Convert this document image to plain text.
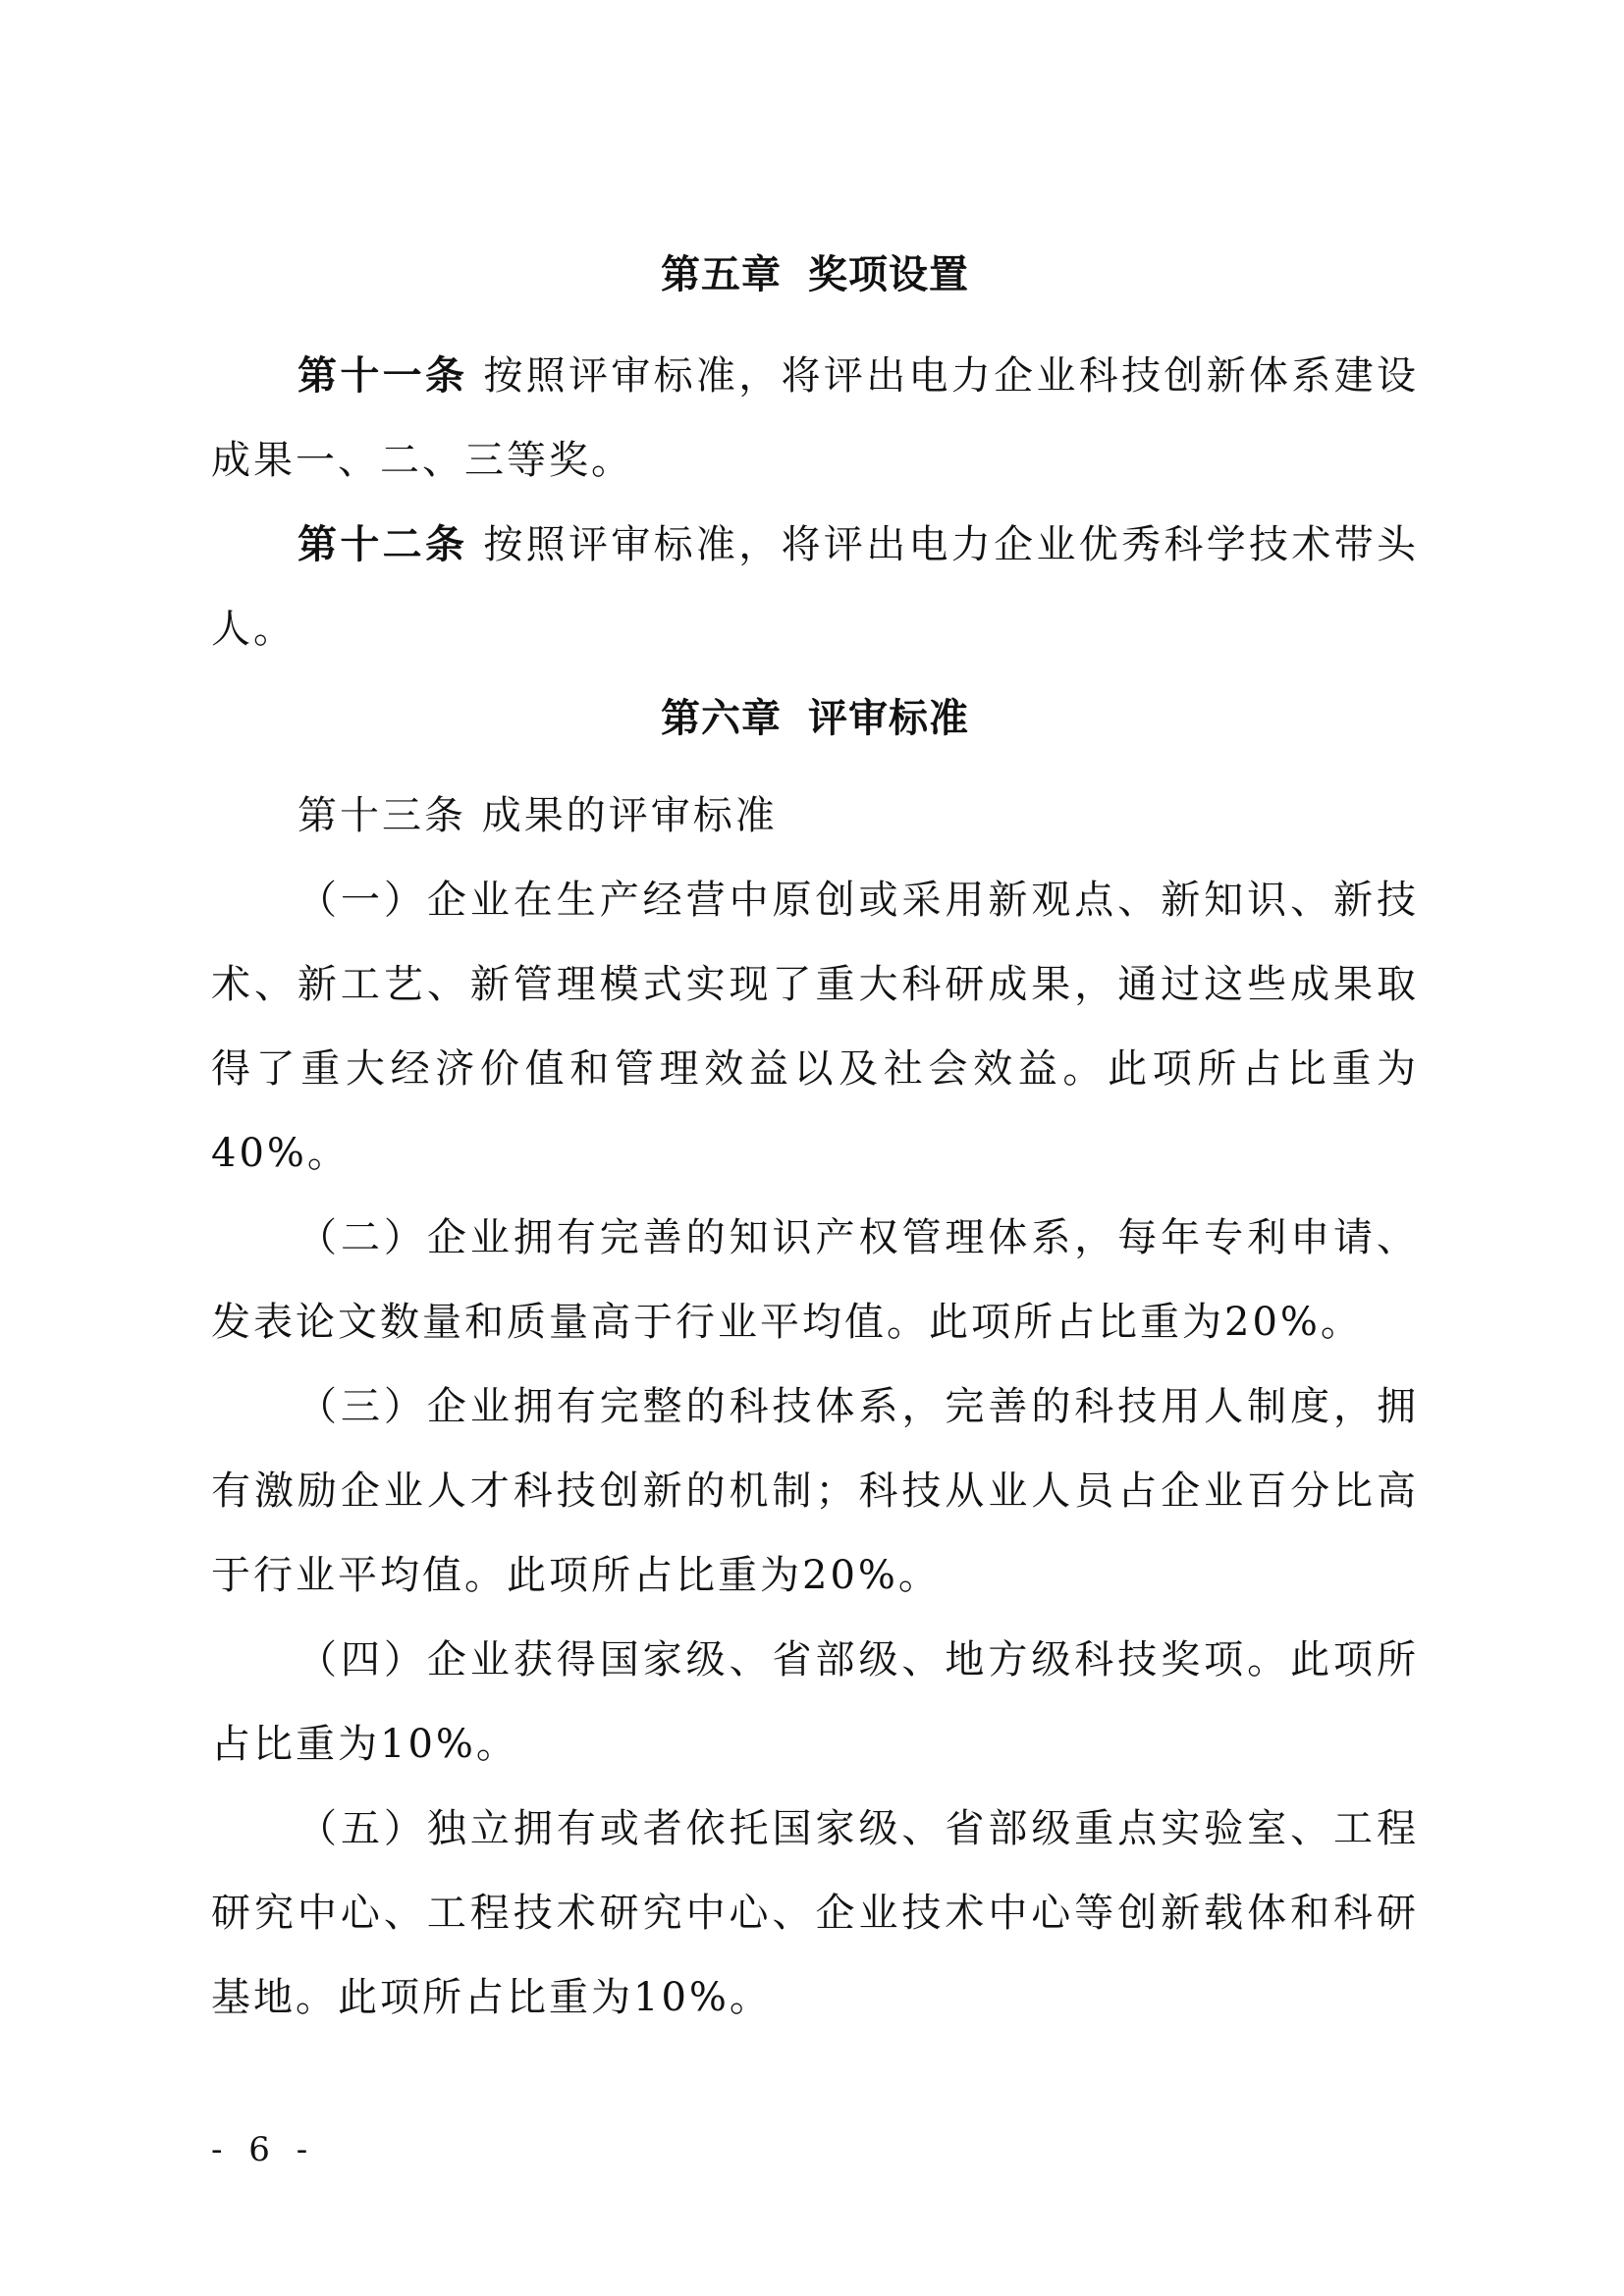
第五章 奖项设置

第十一条 按照评审标准，将评出电力企业科技创新体系建设成果一、二、三等奖。

第十二条 按照评审标准，将评出电力企业优秀科学技术带头人。

第六章 评审标准

第十三条 成果的评审标准

（一）企业在生产经营中原创或采用新观点、新知识、新技术、新工艺、新管理模式实现了重大科研成果，通过这些成果取得了重大经济价值和管理效益以及社会效益。此项所占比重为40%。

（二）企业拥有完善的知识产权管理体系，每年专利申请、发表论文数量和质量高于行业平均值。此项所占比重为20%。

（三）企业拥有完整的科技体系，完善的科技用人制度，拥有激励企业人才科技创新的机制；科技从业人员占企业百分比高于行业平均值。此项所占比重为20%。

（四）企业获得国家级、省部级、地方级科技奖项。此项所占比重为10%。

（五）独立拥有或者依托国家级、省部级重点实验室、工程研究中心、工程技术研究中心、企业技术中心等创新载体和科研基地。此项所占比重为10%。

- 6 -
